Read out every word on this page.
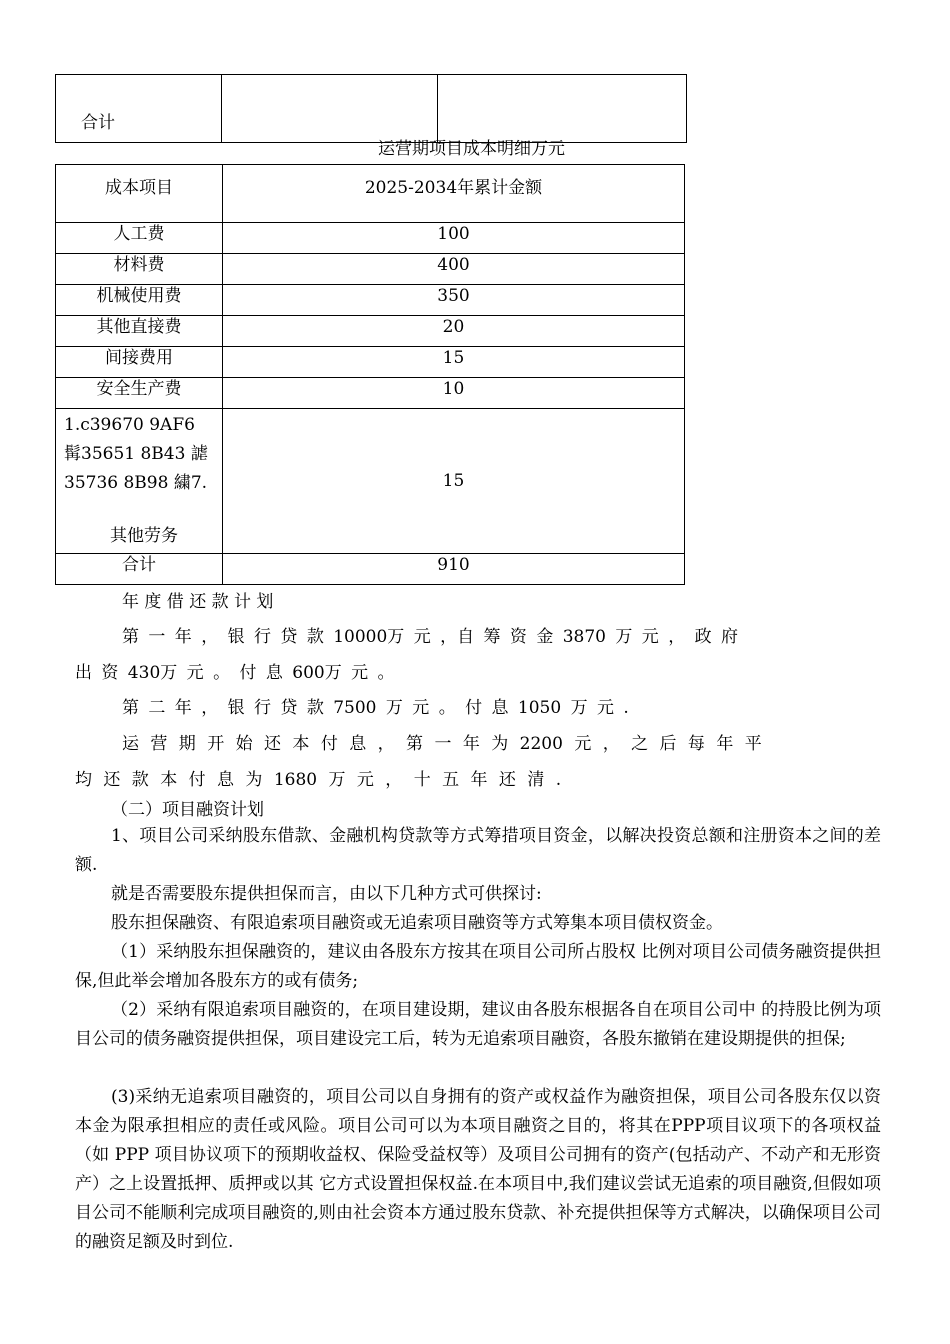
合计		
运营期项目成本明细万元
成本项目	2025-2034年累计金额
人工费	100
材料费	400
机械使用费	350
其他直接费	20
间接费用	15
安全生产费	10

1.c39670 9AF6
髯35651 8B43 謔
35736 8B98 繍7.
其他劳务	15
合计	910
年 度 借 还 款 计 划
第 一 年 ， 银 行 贷 款 10000万 元 ，自 筹 资 金 3870 万 元 ， 政 府
出 资 430万 元 。 付 息 600万 元 。
第 二 年 ， 银 行 贷 款 7500 万 元 。 付 息 1050 万 元 .
运 营 期 开 始 还 本 付 息 ， 第 一 年 为 2200 元 ， 之 后 每 年 平
均 还 款 本 付 息 为 1680 万 元 ， 十 五 年 还 清 .
（二）项目融资计划
1、项目公司采纳股东借款、金融机构贷款等方式筹措项目资金，以解决投资总额和注册资本之间的差额.
就是否需要股东提供担保而言，由以下几种方式可供探讨:
股东担保融资、有限追索项目融资或无追索项目融资等方式筹集本项目债权资金。
（1）采纳股东担保融资的，建议由各股东方按其在项目公司所占股权 比例对项目公司债务融资提供担保,但此举会增加各股东方的或有债务;
（2）采纳有限追索项目融资的，在项目建设期，建议由各股东根据各自在项目公司中 的持股比例为项目公司的债务融资提供担保，项目建设完工后，转为无追索项目融资，各股东撤销在建设期提供的担保;
(3)采纳无追索项目融资的，项目公司以自身拥有的资产或权益作为融资担保，项目公司各股东仅以资本金为限承担相应的责任或风险。项目公司可以为本项目融资之目的，将其在PPP项目议项下的各项权益（如 PPP 项目协议项下的预期收益权、保险受益权等）及项目公司拥有的资产(包括动产、不动产和无形资产）之上设置抵押、质押或以其 它方式设置担保权益.在本项目中,我们建议尝试无追索的项目融资,但假如项目公司不能顺利完成项目融资的,则由社会资本方通过股东贷款、补充提供担保等方式解决，以确保项目公司的融资足额及时到位.
